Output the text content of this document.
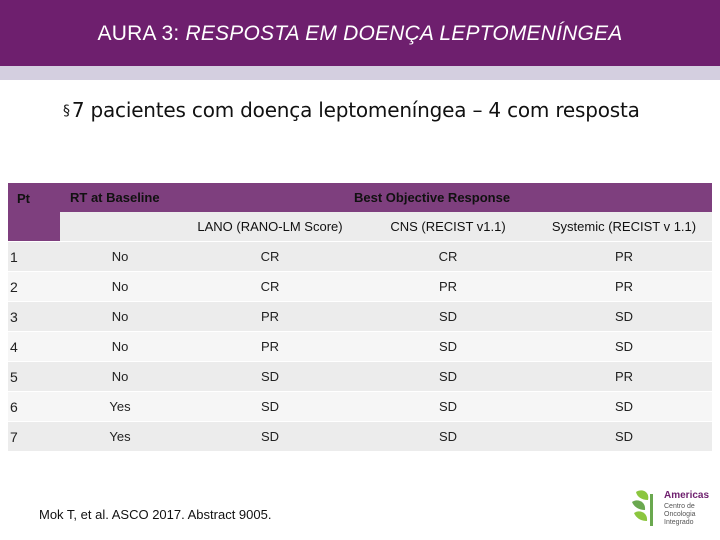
AURA 3: RESPOSTA EM DOENÇA LEPTOMENÍNGEA
§ 7 pacientes com doença leptomeníngea – 4 com resposta
Pt	RT at Baseline		Best Objective Response	
		LANO (RANO-LM Score)	CNS (RECIST v1.1)	Systemic (RECIST v 1.1)
1	No	CR	CR	PR
2	No	CR	PR	PR
3	No	PR	SD	SD
4	No	PR	SD	SD
5	No	SD	SD	PR
6	Yes	SD	SD	SD
7	Yes	SD	SD	SD
Mok T, et al. ASCO 2017. Abstract 9005.
Americas
Centro de Oncologia Integrado
